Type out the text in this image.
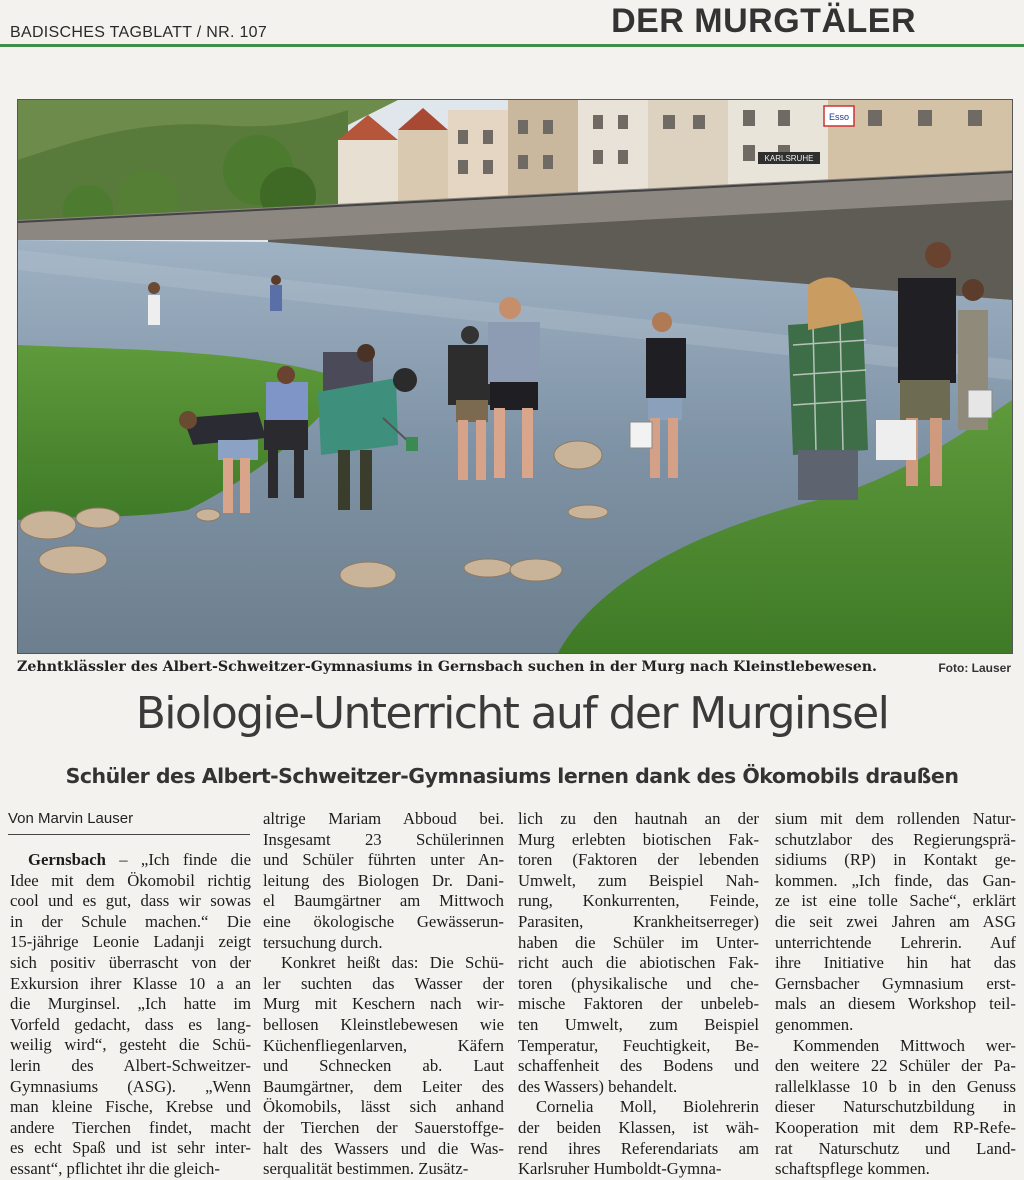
BADISCHES TAGBLATT / NR. 107	DER MURGTÄLER
Esso
KARLSRUHE
Zehntklässler des Albert-Schweitzer-Gymnasiums in Gernsbach suchen in der Murg nach Kleinstlebewesen.	Foto: Lauser
Biologie-Unterricht auf der Murginsel
Schüler des Albert-Schweitzer-Gymnasiums lernen dank des Ökomobils draußen
Von Marvin Lauser
Gernsbach – „Ich finde die
Idee mit dem Ökomobil richtig
cool und es gut, dass wir sowas
in der Schule machen.“ Die
15-jährige Leonie Ladanji zeigt
sich positiv überrascht von der
Exkursion ihrer Klasse 10 a an
die Murginsel. „Ich hatte im
Vorfeld gedacht, dass es lang-
weilig wird“, gesteht die Schü-
lerin des Albert-Schweitzer-
Gymnasiums (ASG). „Wenn
man kleine Fische, Krebse und
andere Tierchen findet, macht
es echt Spaß und ist sehr inter-
essant“, pflichtet ihr die gleich-
altrige Mariam Abboud bei.
Insgesamt 23 Schülerinnen
und Schüler führten unter An-
leitung des Biologen Dr. Dani-
el Baumgärtner am Mittwoch
eine ökologische Gewässerun-
tersuchung durch.
Konkret heißt das: Die Schü-
ler suchten das Wasser der
Murg mit Keschern nach wir-
bellosen Kleinstlebewesen wie
Küchenfliegenlarven, Käfern
und Schnecken ab. Laut
Baumgärtner, dem Leiter des
Ökomobils, lässt sich anhand
der Tierchen der Sauerstoffge-
halt des Wassers und die Was-
serqualität bestimmen. Zusätz-
lich zu den hautnah an der
Murg erlebten biotischen Fak-
toren (Faktoren der lebenden
Umwelt, zum Beispiel Nah-
rung, Konkurrenten, Feinde,
Parasiten, Krankheitserreger)
haben die Schüler im Unter-
richt auch die abiotischen Fak-
toren (physikalische und che-
mische Faktoren der unbeleb-
ten Umwelt, zum Beispiel
Temperatur, Feuchtigkeit, Be-
schaffenheit des Bodens und
des Wassers) behandelt.
Cornelia Moll, Biolehrerin
der beiden Klassen, ist wäh-
rend ihres Referendariats am
Karlsruher Humboldt-Gymna-
sium mit dem rollenden Natur-
schutzlabor des Regierungsprä-
sidiums (RP) in Kontakt ge-
kommen. „Ich finde, das Gan-
ze ist eine tolle Sache“, erklärt
die seit zwei Jahren am ASG
unterrichtende Lehrerin. Auf
ihre Initiative hin hat das
Gernsbacher Gymnasium erst-
mals an diesem Workshop teil-
genommen.
Kommenden Mittwoch wer-
den weitere 22 Schüler der Pa-
rallelklasse 10 b in den Genuss
dieser Naturschutzbildung in
Kooperation mit dem RP-Refe-
rat Naturschutz und Land-
schaftspflege kommen.
